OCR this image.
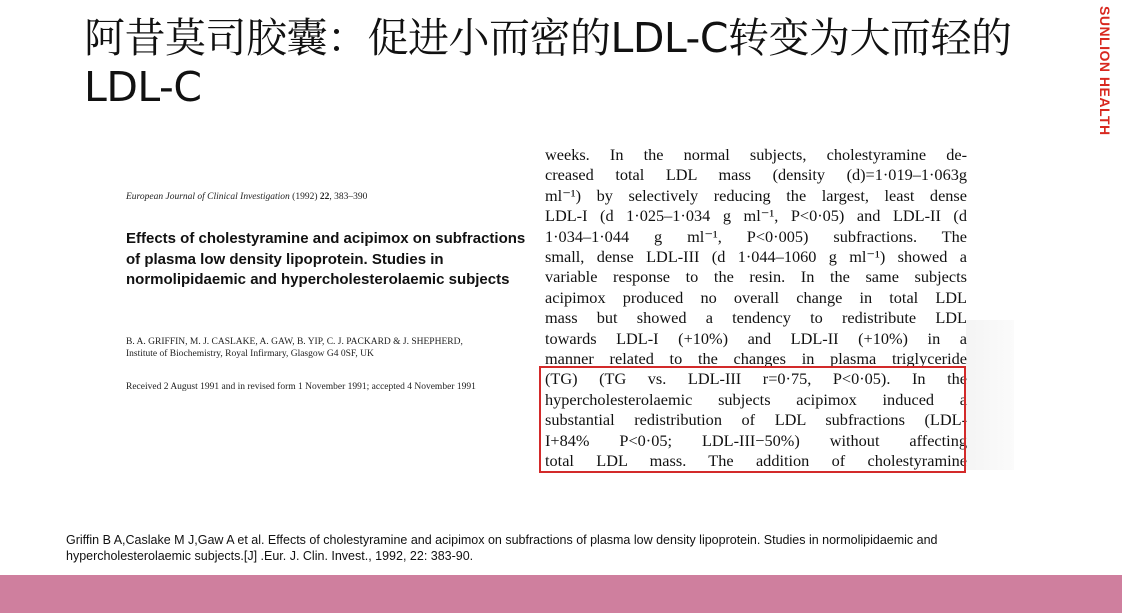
阿昔莫司胶囊：促进小而密的LDL-C转变为大而轻的LDL-C	SUNLION HEALTH
European Journal of Clinical Investigation (1992) 22, 383–390
Effects of cholestyramine and acipimox on subfractions of plasma low density lipoprotein. Studies in normolipidaemic and hypercholesterolaemic subjects
B. A. GRIFFIN, M. J. CASLAKE, A. GAW, B. YIP, C. J. PACKARD & J. SHEPHERD,
Institute of Biochemistry, Royal Infirmary, Glasgow G4 0SF, UK
Received 2 August 1991 and in revised form 1 November 1991; accepted 4 November 1991
weeks. In the normal subjects, cholestyramine de-
creased total LDL mass (density (d)=1·019–1·063g
ml⁻¹) by selectively reducing the largest, least dense
LDL-I (d 1·025–1·034 g ml⁻¹, P<0·05) and LDL-II (d
1·034–1·044 g ml⁻¹, P<0·005) subfractions. The
small, dense LDL-III (d 1·044–1060 g ml⁻¹) showed a
variable response to the resin. In the same subjects
acipimox produced no overall change in total LDL
mass but showed a tendency to redistribute LDL
towards LDL-I (+10%) and LDL-II (+10%) in a
manner related to the changes in plasma triglyceride
(TG) (TG vs. LDL-III r=0·75, P<0·05). In the
hypercholesterolaemic subjects acipimox induced a
substantial redistribution of LDL subfractions (LDL-
I+84% P<0·05; LDL-III−50%) without affecting
total LDL mass. The addition of cholestyramine
Griffin B A,Caslake M J,Gaw A et al. Effects of cholestyramine and acipimox on subfractions of plasma low density lipoprotein. Studies in normolipidaemic and hypercholesterolaemic subjects.[J] .Eur. J. Clin. Invest., 1992, 22: 383-90.
